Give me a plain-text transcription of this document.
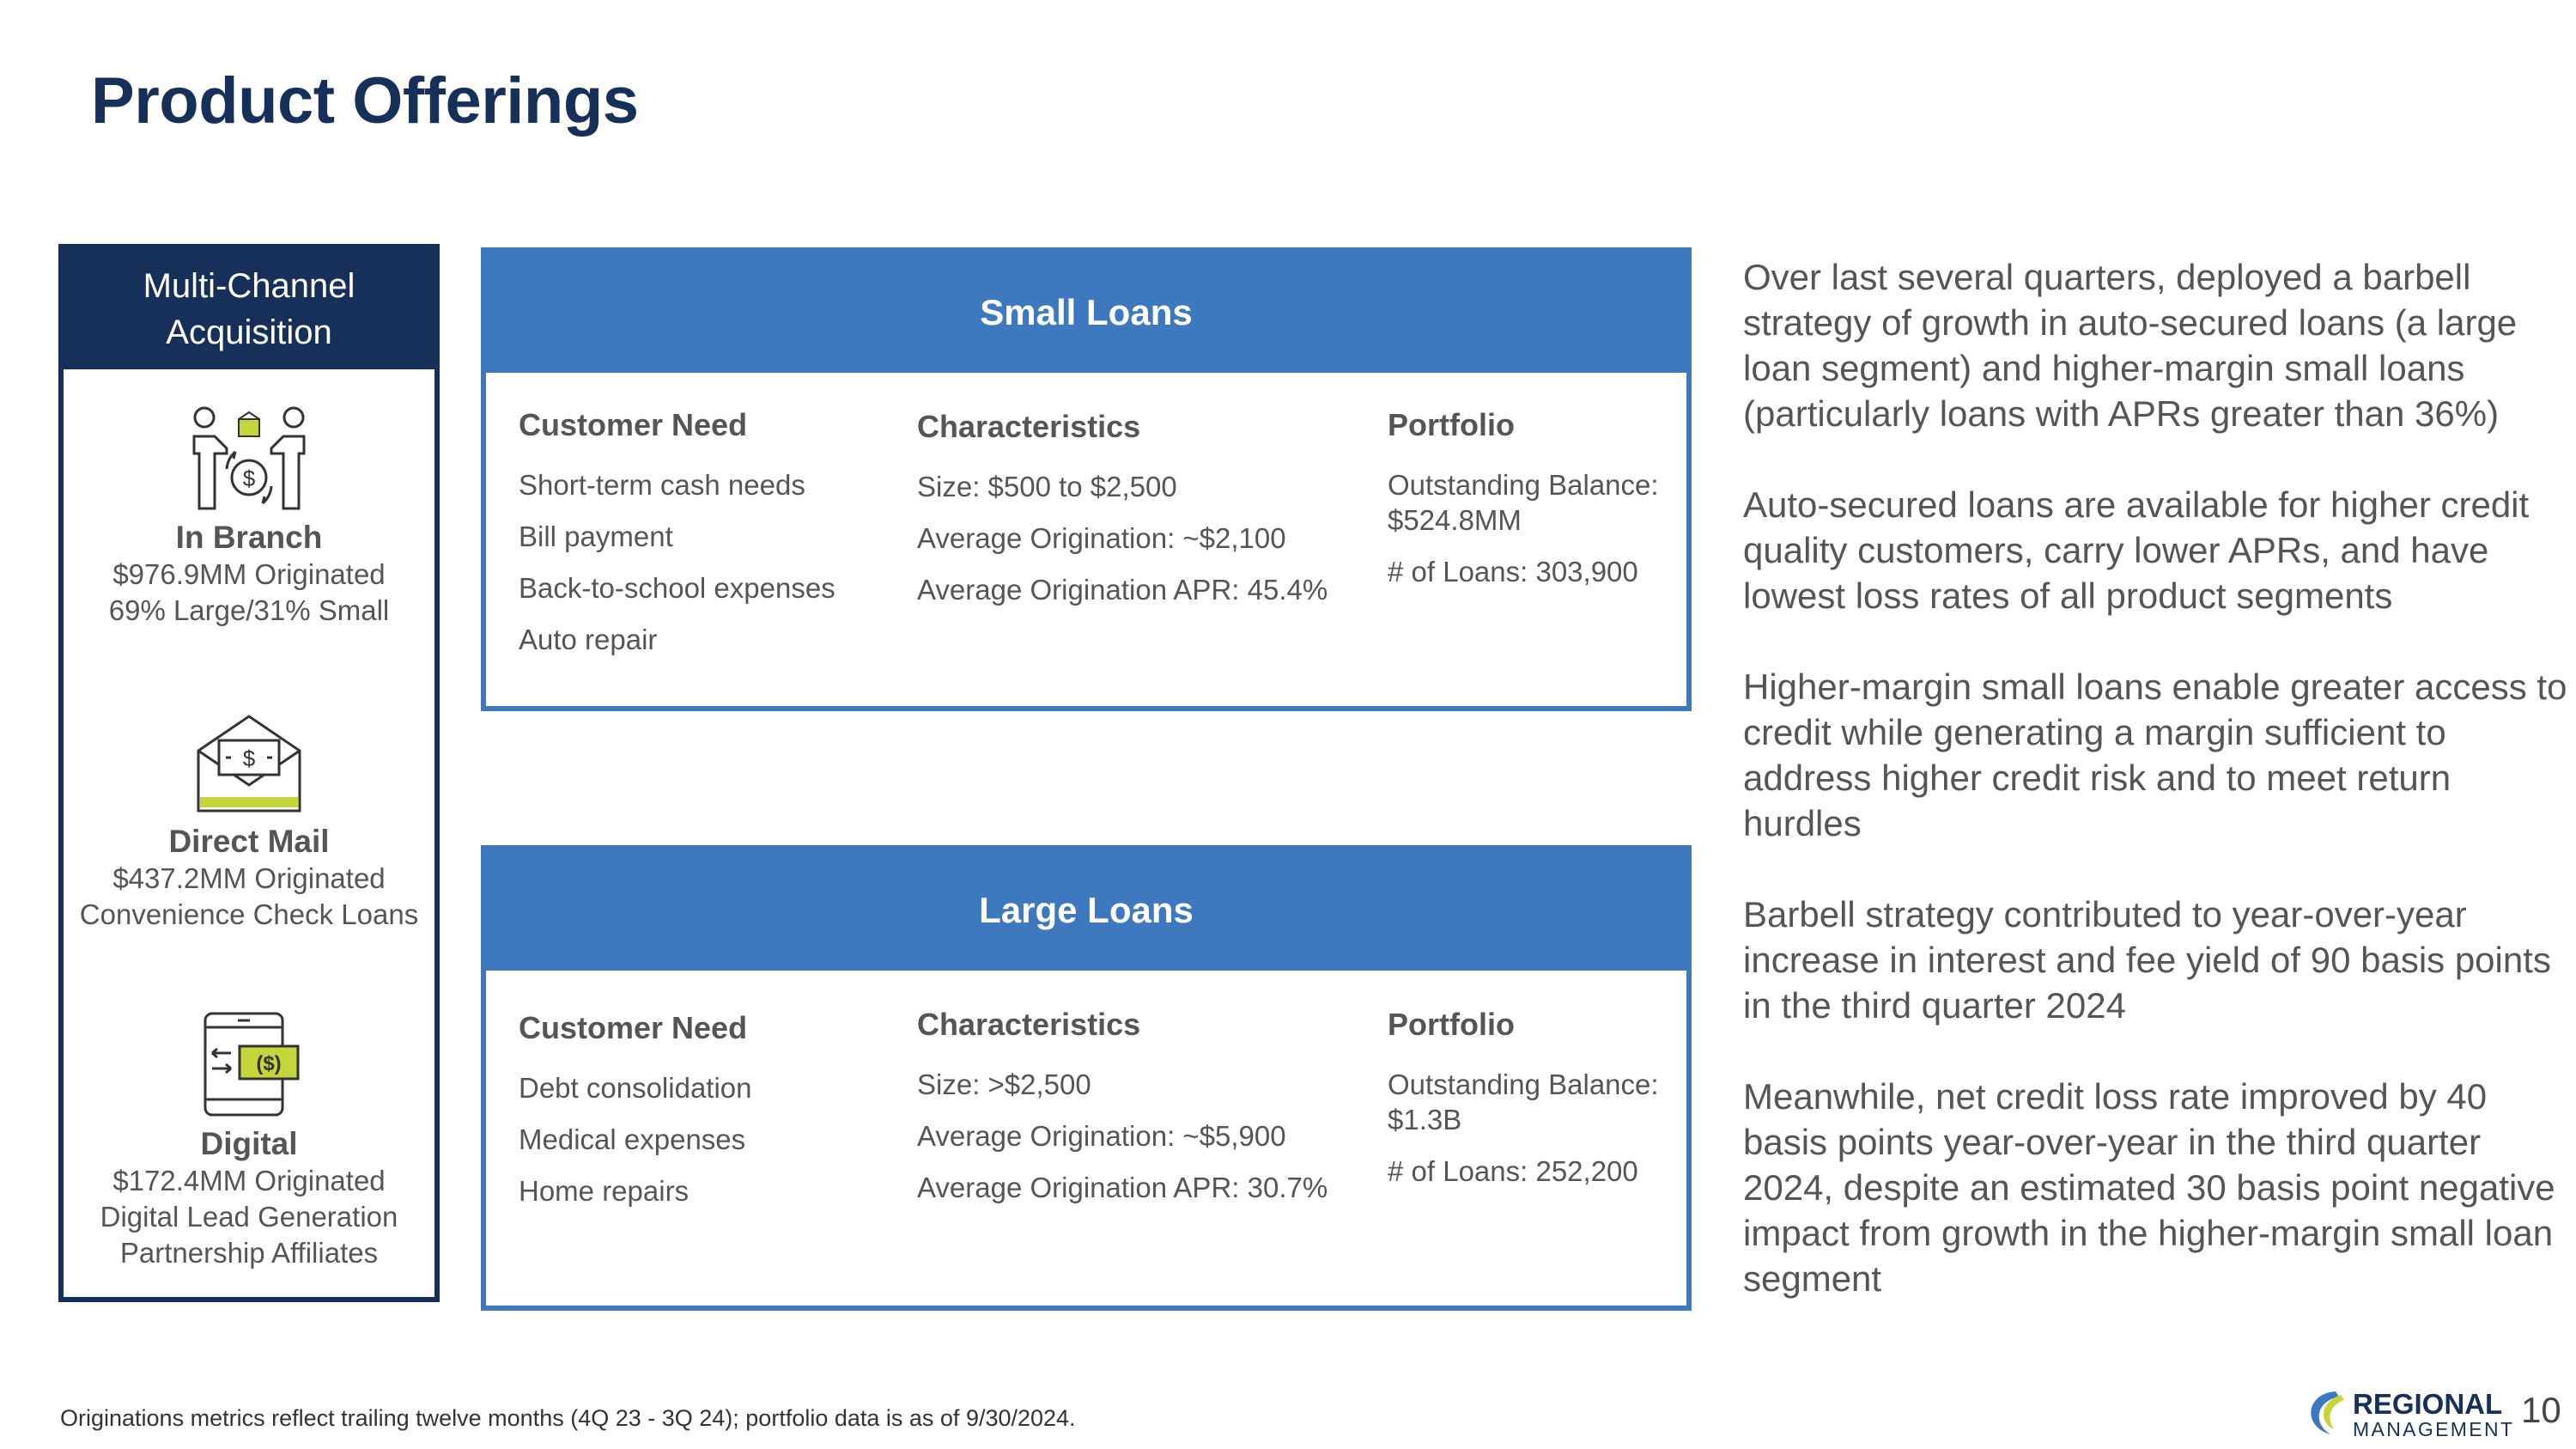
Product Offerings
Multi-Channel Acquisition
$
In Branch
$976.9MM Originated
69% Large/31% Small
$
Direct Mail
$437.2MM Originated
Convenience Check Loans
($)
Digital
$172.4MM Originated
Digital Lead Generation
Partnership Affiliates
Small Loans
Customer Need
Short-term cash needs
Bill payment
Back-to-school expenses
Auto repair
Characteristics
Size: $500 to $2,500
Average Origination: ~$2,100
Average Origination APR: 45.4%
Portfolio
Outstanding Balance: $524.8MM
# of Loans: 303,900
Large Loans
Customer Need
Debt consolidation
Medical expenses
Home repairs
Characteristics
Size: >$2,500
Average Origination: ~$5,900
Average Origination APR: 30.7%
Portfolio
Outstanding Balance: $1.3B
# of Loans: 252,200

Over last several quarters, deployed a barbell strategy of growth in auto-secured loans (a large loan segment) and higher-margin small loans (particularly loans with APRs greater than 36%)

Auto-secured loans are available for higher credit quality customers, carry lower APRs, and have lowest loss rates of all product segments

Higher-margin small loans enable greater access to credit while generating a margin sufficient to address higher credit risk and to meet return hurdles

Barbell strategy contributed to year-over-year increase in interest and fee yield of 90 basis points in the third quarter 2024

Meanwhile, net credit loss rate improved by 40 basis points year-over-year in the third quarter 2024, despite an estimated 30 basis point negative impact from growth in the higher-margin small loan segment

Originations metrics reflect trailing twelve months (4Q 23 - 3Q 24); portfolio data is as of 9/30/2024.	REGIONAL
MANAGEMENT 10
